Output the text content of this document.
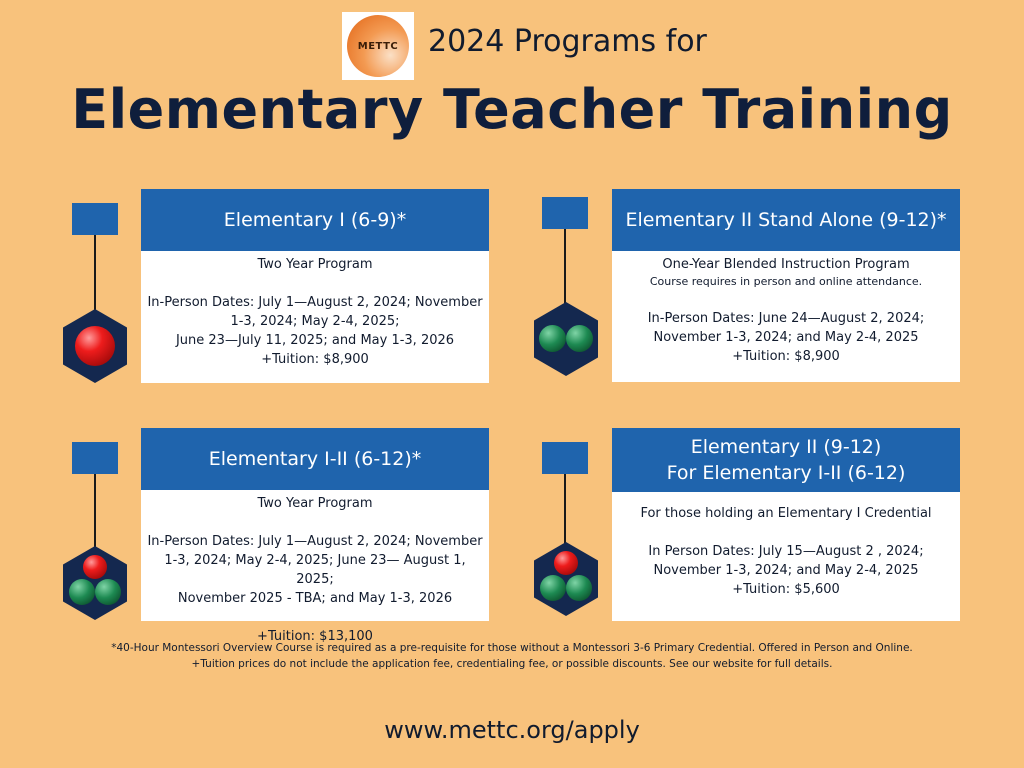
METTC 2024 Programs for
Elementary Teacher Training
Elementary I (6-9)*
Two Year Program
In-Person Dates: July 1—August 2, 2024; November 1-3, 2024; May 2-4, 2025;
June 23—July 11, 2025; and May 1-3, 2026
+Tuition: $8,900
Elementary II Stand Alone (9-12)*
One-Year Blended Instruction Program
Course requires in person and online attendance.
In-Person Dates: June 24—August 2, 2024;
November 1-3, 2024; and May 2-4, 2025
+Tuition: $8,900
Elementary I-II (6-12)*
Two Year Program
In-Person Dates: July 1—August 2, 2024; November 1-3, 2024; May 2-4, 2025; June 23— August 1, 2025;
November 2025 - TBA; and May 1-3, 2026
+Tuition: $13,100
Elementary II (9-12)
For Elementary I-II (6-12)
For those holding an Elementary I Credential
In Person Dates: July 15—August 2 , 2024;
November 1-3, 2024; and May 2-4, 2025
+Tuition: $5,600
*40-Hour Montessori Overview Course is required as a pre-requisite for those without a Montessori 3-6 Primary Credential. Offered in Person and Online.
+Tuition prices do not include the application fee, credentialing fee, or possible discounts. See our website for full details.
www.mettc.org/apply
